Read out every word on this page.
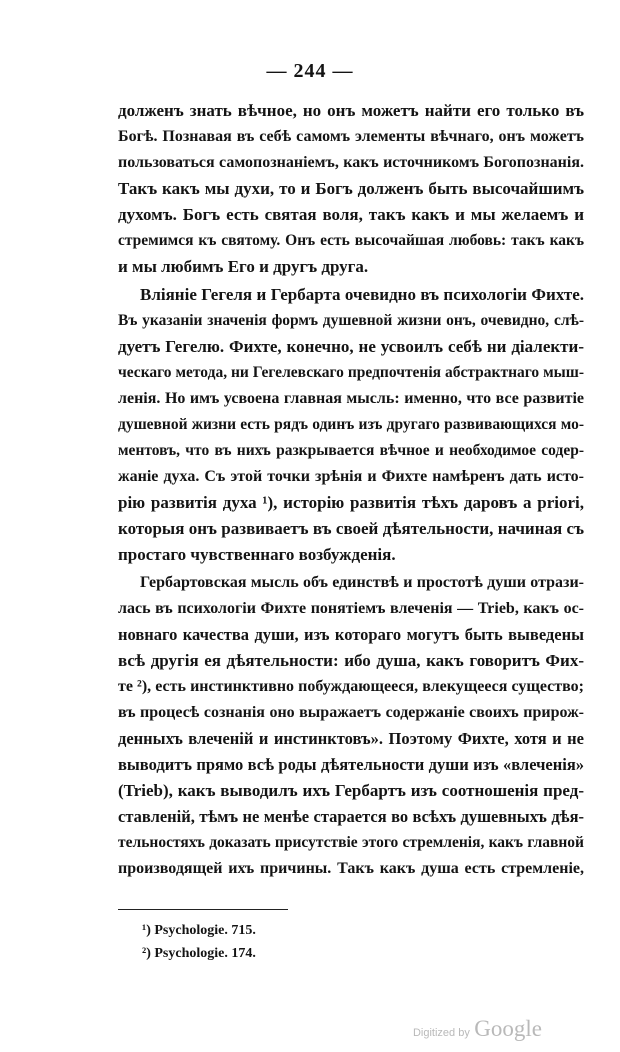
— 244 —
долженъ знать вѣчное, но онъ можетъ найти его только въ
Богѣ. Познавая въ себѣ самомъ элементы вѣчнаго, онъ можетъ
пользоваться самопознаніемъ, какъ источникомъ Богопознанія.
Такъ какъ мы духи, то и Богъ долженъ быть высочайшимъ
духомъ. Богъ есть святая воля, такъ какъ и мы желаемъ и
стремимся къ святому. Онъ есть высочайшая любовь: такъ какъ
и мы любимъ Его и другъ друга.
Вліяніе Гегеля и Гербарта очевидно въ психологіи Фихте.
Въ указаніи значенія формъ душевной жизни онъ, очевидно, слѣ-
дуетъ Гегелю. Фихте, конечно, не усвоилъ себѣ ни діалекти-
ческаго метода, ни Гегелевскаго предпочтенія абстрактнаго мыш-
ленія. Но имъ усвоена главная мысль: именно, что все развитіе
душевной жизни есть рядъ одинъ изъ другаго развивающихся мо-
ментовъ, что въ нихъ разкрывается вѣчное и необходимое содер-
жаніе духа. Съ этой точки зрѣнія и Фихте намѣренъ дать исто-
рію развитія духа ¹), исторію развитія тѣхъ даровъ a priori,
которыя онъ развиваетъ въ своей дѣятельности, начиная съ
простаго чувственнаго возбужденія.
Гербартовская мысль объ единствѣ и простотѣ души отрази-
лась въ психологіи Фихте понятіемъ влеченія — Trieb, какъ ос-
новнаго качества души, изъ котораго могутъ быть выведены
всѣ другія ея дѣятельности: ибо душа, какъ говоритъ Фих-
те ²), есть инстинктивно побуждающееся, влекущееся существо;
въ процесѣ сознанія оно выражаетъ содержаніе своихъ прирож-
денныхъ влеченій и инстинктовъ». Поэтому Фихте, хотя и не
выводитъ прямо всѣ роды дѣятельности души изъ «влеченія»
(Trieb), какъ выводилъ ихъ Гербартъ изъ соотношенія пред-
ставленій, тѣмъ не менѣе старается во всѣхъ душевныхъ дѣя-
тельностяхъ доказать присутствіе этого стремленія, какъ главной
производящей ихъ причины. Такъ какъ душа есть стремленіе,
¹) Psychologie. 715.
²) Psychologie. 174.
Digitized by Google
